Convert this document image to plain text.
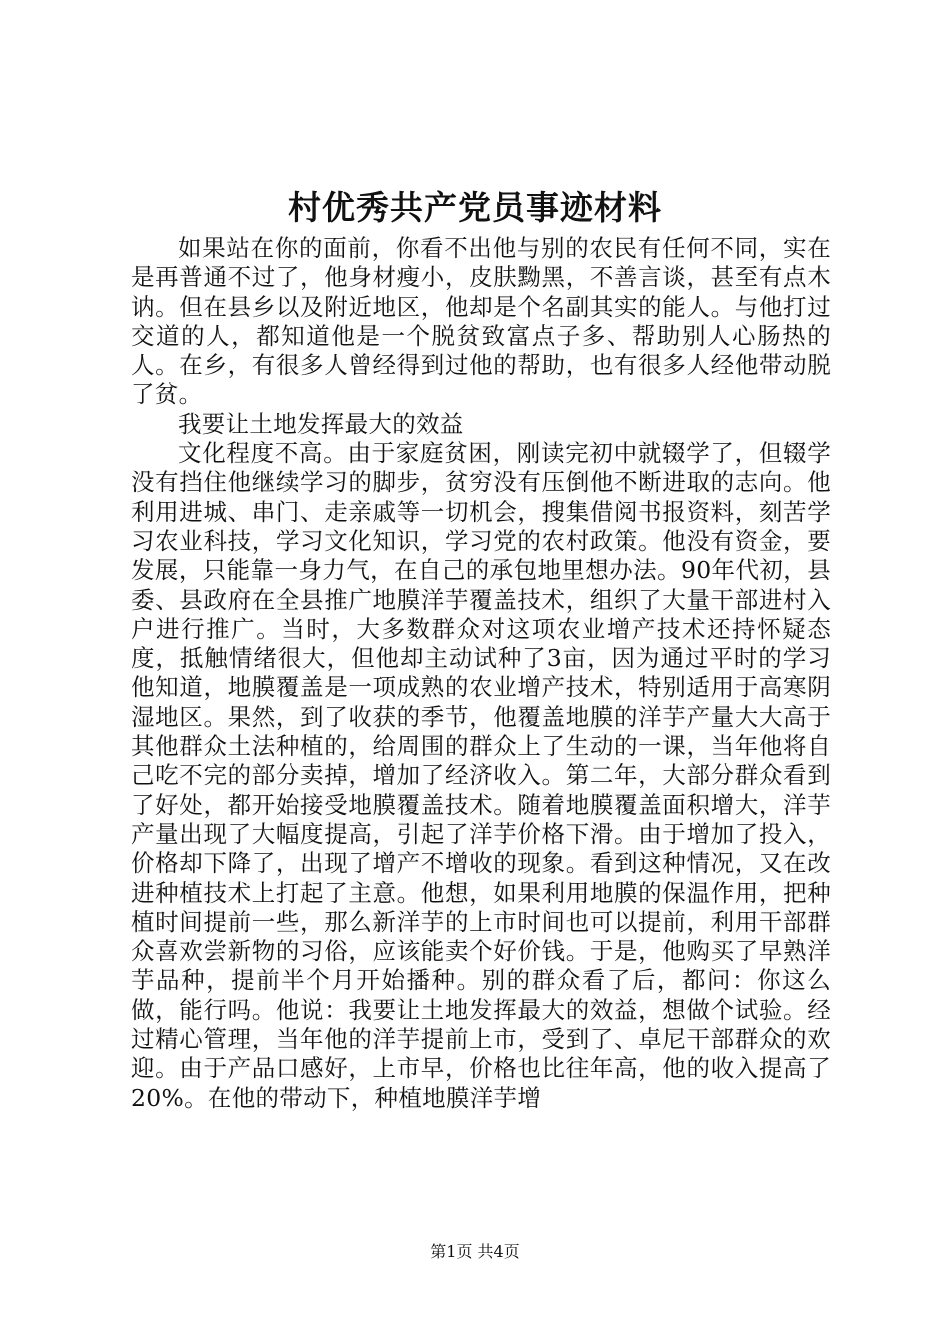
村优秀共产党员事迹材料

如果站在你的面前，你看不出他与别的农民有任何不同，实在是再普通不过了，他身材瘦小，皮肤黝黑，不善言谈，甚至有点木讷。但在县乡以及附近地区，他却是个名副其实的能人。与他打过交道的人，都知道他是一个脱贫致富点子多、帮助别人心肠热的人。在乡，有很多人曾经得到过他的帮助，也有很多人经他带动脱了贫。

我要让土地发挥最大的效益

文化程度不高。由于家庭贫困，刚读完初中就辍学了，但辍学没有挡住他继续学习的脚步，贫穷没有压倒他不断进取的志向。他利用进城、串门、走亲戚等一切机会，搜集借阅书报资料，刻苦学习农业科技，学习文化知识，学习党的农村政策。他没有资金，要发展，只能靠一身力气，在自己的承包地里想办法。90年代初，县委、县政府在全县推广地膜洋芋覆盖技术，组织了大量干部进村入户进行推广。当时，大多数群众对这项农业增产技术还持怀疑态度，抵触情绪很大，但他却主动试种了3亩，因为通过平时的学习他知道，地膜覆盖是一项成熟的农业增产技术，特别适用于高寒阴湿地区。果然，到了收获的季节，他覆盖地膜的洋芋产量大大高于其他群众土法种植的，给周围的群众上了生动的一课，当年他将自己吃不完的部分卖掉，增加了经济收入。第二年，大部分群众看到了好处，都开始接受地膜覆盖技术。随着地膜覆盖面积增大，洋芋产量出现了大幅度提高，引起了洋芋价格下滑。由于增加了投入，价格却下降了，出现了增产不增收的现象。看到这种情况，又在改进种植技术上打起了主意。他想，如果利用地膜的保温作用，把种植时间提前一些，那么新洋芋的上市时间也可以提前，利用干部群众喜欢尝新物的习俗，应该能卖个好价钱。于是，他购买了早熟洋芋品种，提前半个月开始播种。别的群众看了后，都问：你这么做，能行吗。他说：我要让土地发挥最大的效益，想做个试验。经过精心管理，当年他的洋芋提前上市，受到了、卓尼干部群众的欢迎。由于产品口感好，上市早，价格也比往年高，他的收入提高了20%。在他的带动下，种植地膜洋芋增

第1页 共4页
